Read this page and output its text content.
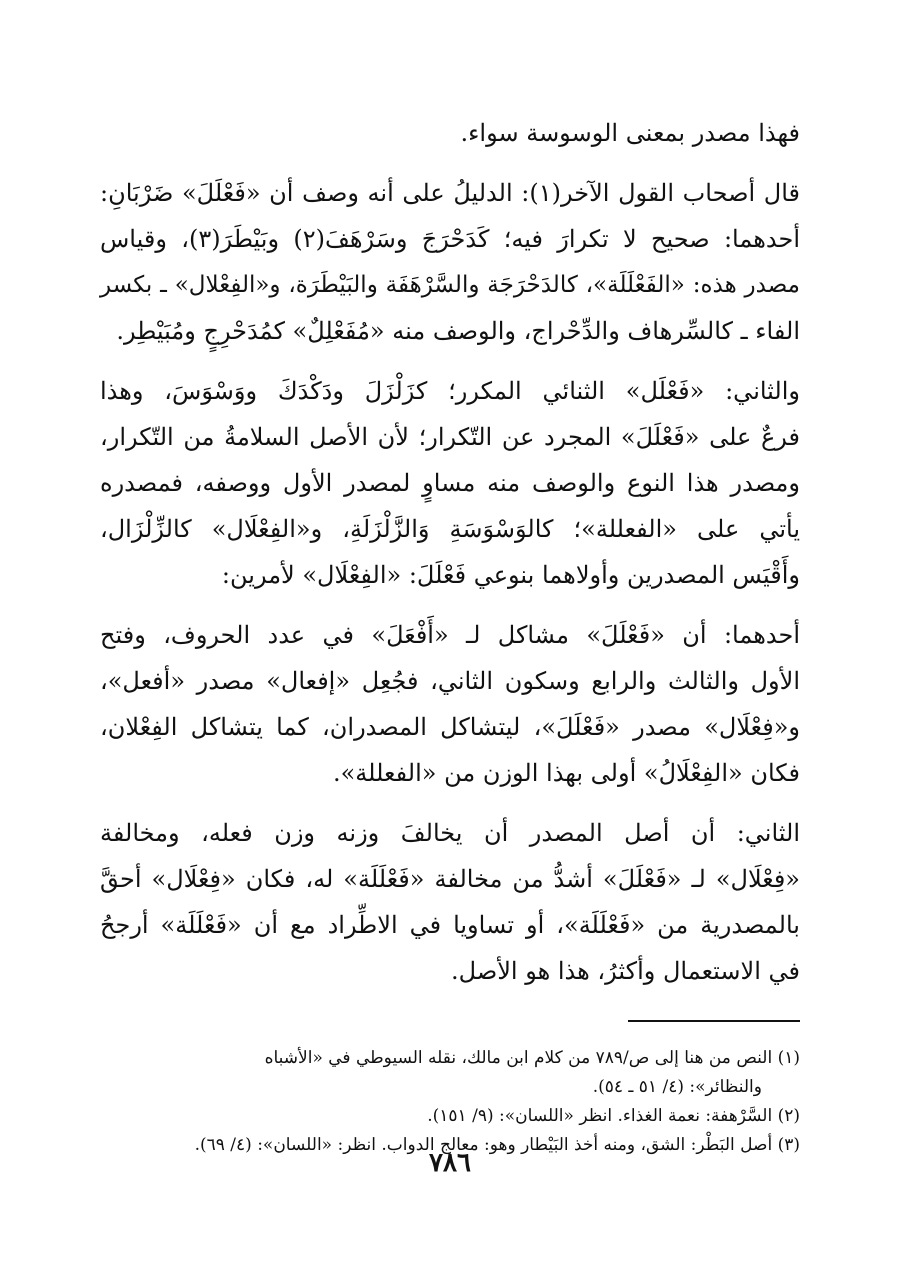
فهذا مصدر بمعنى الوسوسة سواء.

قال أصحاب القول الآخر(١): الدليلُ على أنه وصف أن «فَعْلَلَ» ضَرْبَانِ:
أحدهما: صحيح لا تكرارَ فيه؛ كَدَحْرَجَ وسَرْهَفَ(٢) وبَيْطَرَ(٣)، وقياس
مصدر هذه: «الفَعْلَلَة»، كالدَحْرَجَة والسَّرْهَفَة والبَيْطَرَة، و«الفِعْلال» ـ بكسر
الفاء ـ كالسِّرهاف والدِّحْراج، والوصف منه «مُفَعْلِلٌ» كمُدَحْرِجٍ ومُبَيْطِر.

والثاني: «فَعْلَل» الثنائي المكرر؛ كزَلْزَلَ ودَكْدَكَ ووَسْوَسَ، وهذا
فرعٌ على «فَعْلَلَ» المجرد عن التّكرار؛ لأن الأصل السلامةُ من التّكرار،
ومصدر هذا النوع والوصف منه مساوٍ لمصدر الأول ووصفه، فمصدره
يأتي على «الفعللة»؛ كالوَسْوَسَةِ وَالزَّلْزَلَةِ، و«الفِعْلَال» كالزِّلْزَال،
وأَقْيَس المصدرين وأولاهما بنوعي فَعْلَلَ: «الفِعْلَال» لأمرين:

أحدهما: أن «فَعْلَلَ» مشاكل لـ «أَفْعَلَ» في عدد الحروف، وفتح
الأول والثالث والرابع وسكون الثاني، فجُعِل «إفعال» مصدر «أفعل»،
و«فِعْلَال» مصدر «فَعْلَلَ»، ليتشاكل المصدران، كما يتشاكل الفِعْلان،
فكان «الفِعْلَالُ» أولى بهذا الوزن من «الفعللة».

الثاني: أن أصل المصدر أن يخالفَ وزنه وزن فعله، ومخالفة
«فِعْلَال» لـ «فَعْلَلَ» أشدُّ من مخالفة «فَعْلَلَة» له، فكان «فِعْلَال» أحقَّ
بالمصدرية من «فَعْلَلَة»، أو تساويا في الاطِّراد مع أن «فَعْلَلَة» أرجحُ
في الاستعمال وأكثرُ، هذا هو الأصل.

(١) النص من هنا إلى ص/٧٨٩ من كلام ابن مالك، نقله السيوطي في «الأشباه
والنظائر»: (٤/ ٥١ ـ ٥٤).
(٢) السَّرْهفة: نعمة الغذاء. انظر «اللسان»: (٩/ ١٥١).
(٣) أصل البَطْر: الشق، ومنه أخذ البَيْطار وهو: معالج الدواب. انظر: «اللسان»: (٤/ ٦٩).
٧٨٦
